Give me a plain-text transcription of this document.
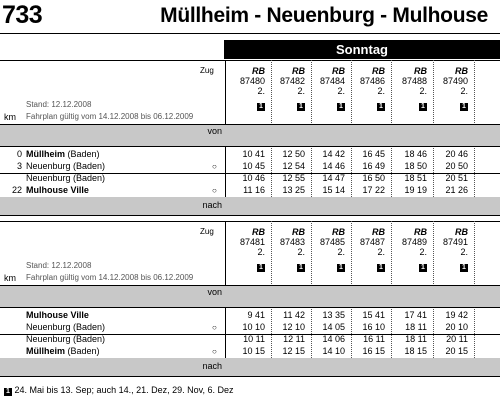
733	Müllheim - Neuenburg - Mulhouse
Sonntag
Zug
Stand: 12.12.2008
Fahrplan gültig vom 14.12.2008 bis 06.12.2009
km
RB
87480
2.
1
RB
87482
2.
1
RB
87484
2.
1
RB
87486
2.
1
RB
87488
2.
1
RB
87490
2.
1
von
0 Müllheim (Baden)	10 41	12 50	14 42	16 45	18 46	20 46
3 Neuenburg (Baden)	○	10 45	12 54	14 46	16 49	18 50	20 50
Neuenburg (Baden)	10 46	12 55	14 47	16 50	18 51	20 51
22 Mulhouse Ville	○	11 16	13 25	15 14	17 22	19 19	21 26
nach
Zug
Stand: 12.12.2008
Fahrplan gültig vom 14.12.2008 bis 06.12.2009
km
RB
87481
2.
1
RB
87483
2.
1
RB
87485
2.
1
RB
87487
2.
1
RB
87489
2.
1
RB
87491
2.
1
von
Mulhouse Ville	9 41	11 42	13 35	15 41	17 41	19 42
Neuenburg (Baden)	○	10 10	12 10	14 05	16 10	18 11	20 10
Neuenburg (Baden)	10 11	12 11	14 06	16 11	18 11	20 11
Müllheim (Baden)	○	10 15	12 15	14 10	16 15	18 15	20 15
nach
1 24. Mai bis 13. Sep; auch 14., 21. Dez, 29. Nov, 6. Dez
